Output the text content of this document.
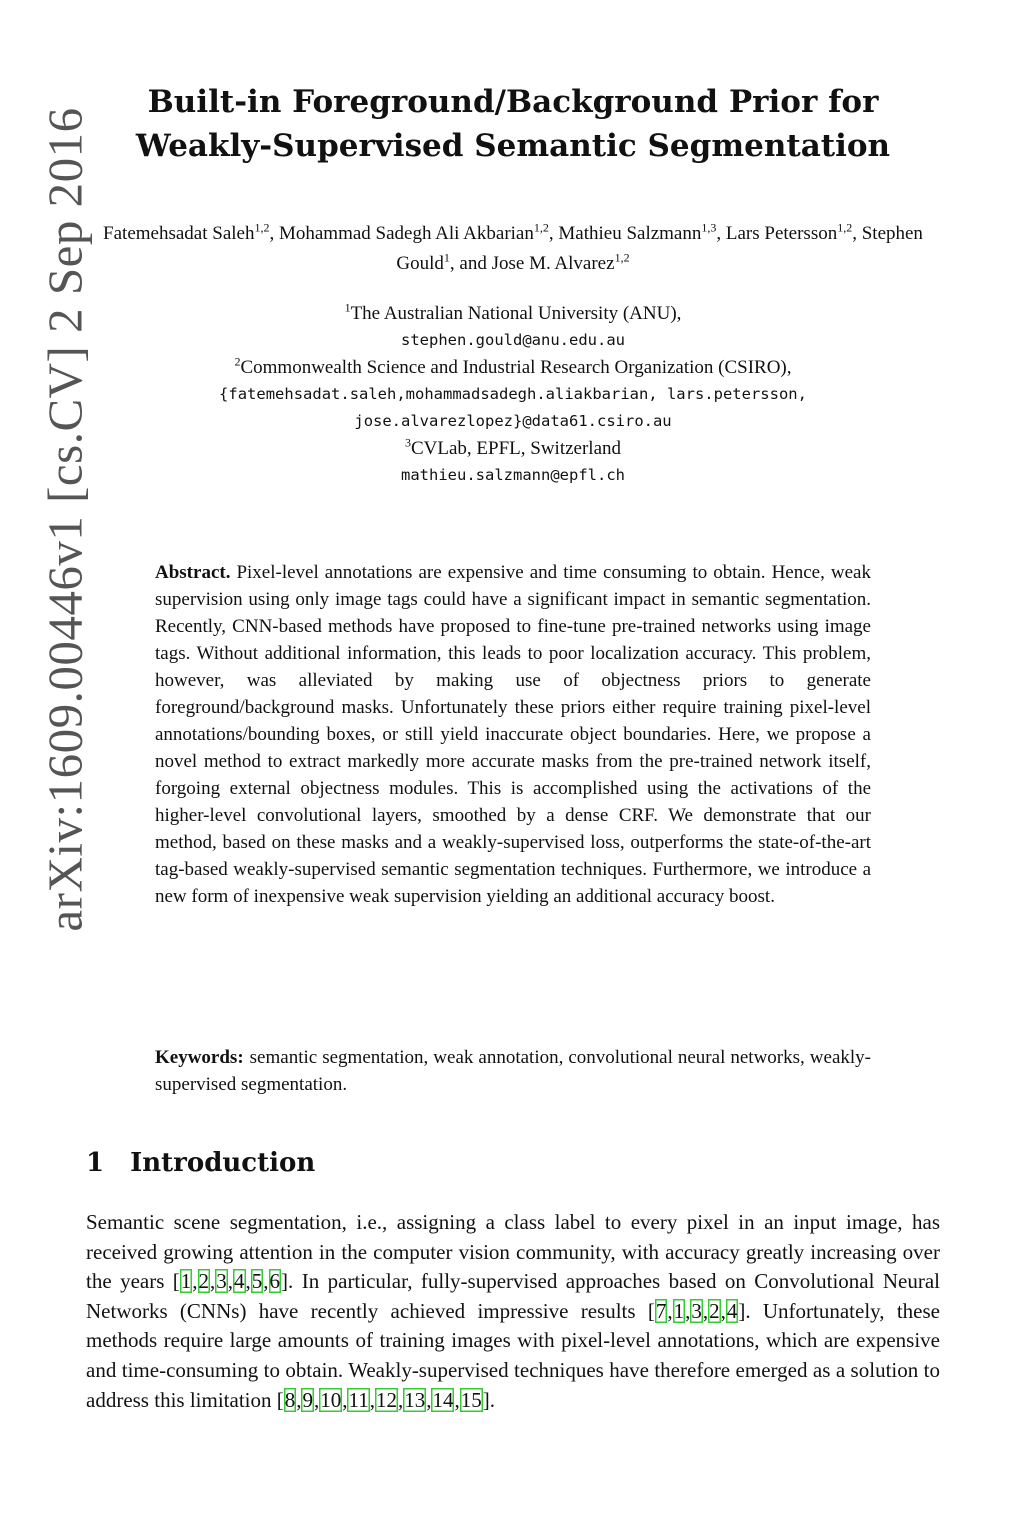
arXiv:1609.00446v1 [cs.CV] 2 Sep 2016
Built-in Foreground/Background Prior for
Weakly-Supervised Semantic Segmentation
Fatemehsadat Saleh$^{1,2}$, Mohammad Sadegh Ali Akbarian$^{1,2}$, Mathieu Salzmann$^{1,3}$, Lars Petersson$^{1,2}$, Stephen Gould$^1$, and Jose M. Alvarez$^{1,2}$
$^1$The Australian National University (ANU),
stephen.gould@anu.edu.au
$^2$Commonwealth Science and Industrial Research Organization (CSIRO),
{fatemehsadat.saleh,mohammadsadegh.aliakbarian, lars.petersson,
jose.alvarezlopez}@data61.csiro.au
$^3$CVLab, EPFL, Switzerland
mathieu.salzmann@epfl.ch

Abstract. Pixel-level annotations are expensive and time consuming to obtain. Hence, weak supervision using only image tags could have a significant impact in semantic segmentation. Recently, CNN-based methods have proposed to fine-tune pre-trained networks using image tags. Without additional information, this leads to poor localization accuracy. This problem, however, was alleviated by making use of objectness priors to generate foreground/background masks. Unfortunately these priors either require training pixel-level annotations/bounding boxes, or still yield inaccurate object boundaries. Here, we propose a novel method to extract markedly more accurate masks from the pre-trained network itself, forgoing external objectness modules. This is accomplished using the activations of the higher-level convolutional layers, smoothed by a dense CRF. We demonstrate that our method, based on these masks and a weakly-supervised loss, outperforms the state-of-the-art tag-based weakly-supervised semantic segmentation techniques. Furthermore, we introduce a new form of inexpensive weak supervision yielding an additional accuracy boost.

Keywords: semantic segmentation, weak annotation, convolutional neural networks, weakly-supervised segmentation.

1 Introduction

Semantic scene segmentation, i.e., assigning a class label to every pixel in an input image, has received growing attention in the computer vision community, with accuracy greatly increasing over the years [1,2,3,4,5,6]. In particular, fully-supervised approaches based on Convolutional Neural Networks (CNNs) have recently achieved impressive results [7,1,3,2,4]. Unfortunately, these methods require large amounts of training images with pixel-level annotations, which are expensive and time-consuming to obtain. Weakly-supervised techniques have therefore emerged as a solution to address this limitation [8,9,10,11,12,13,14,15].
